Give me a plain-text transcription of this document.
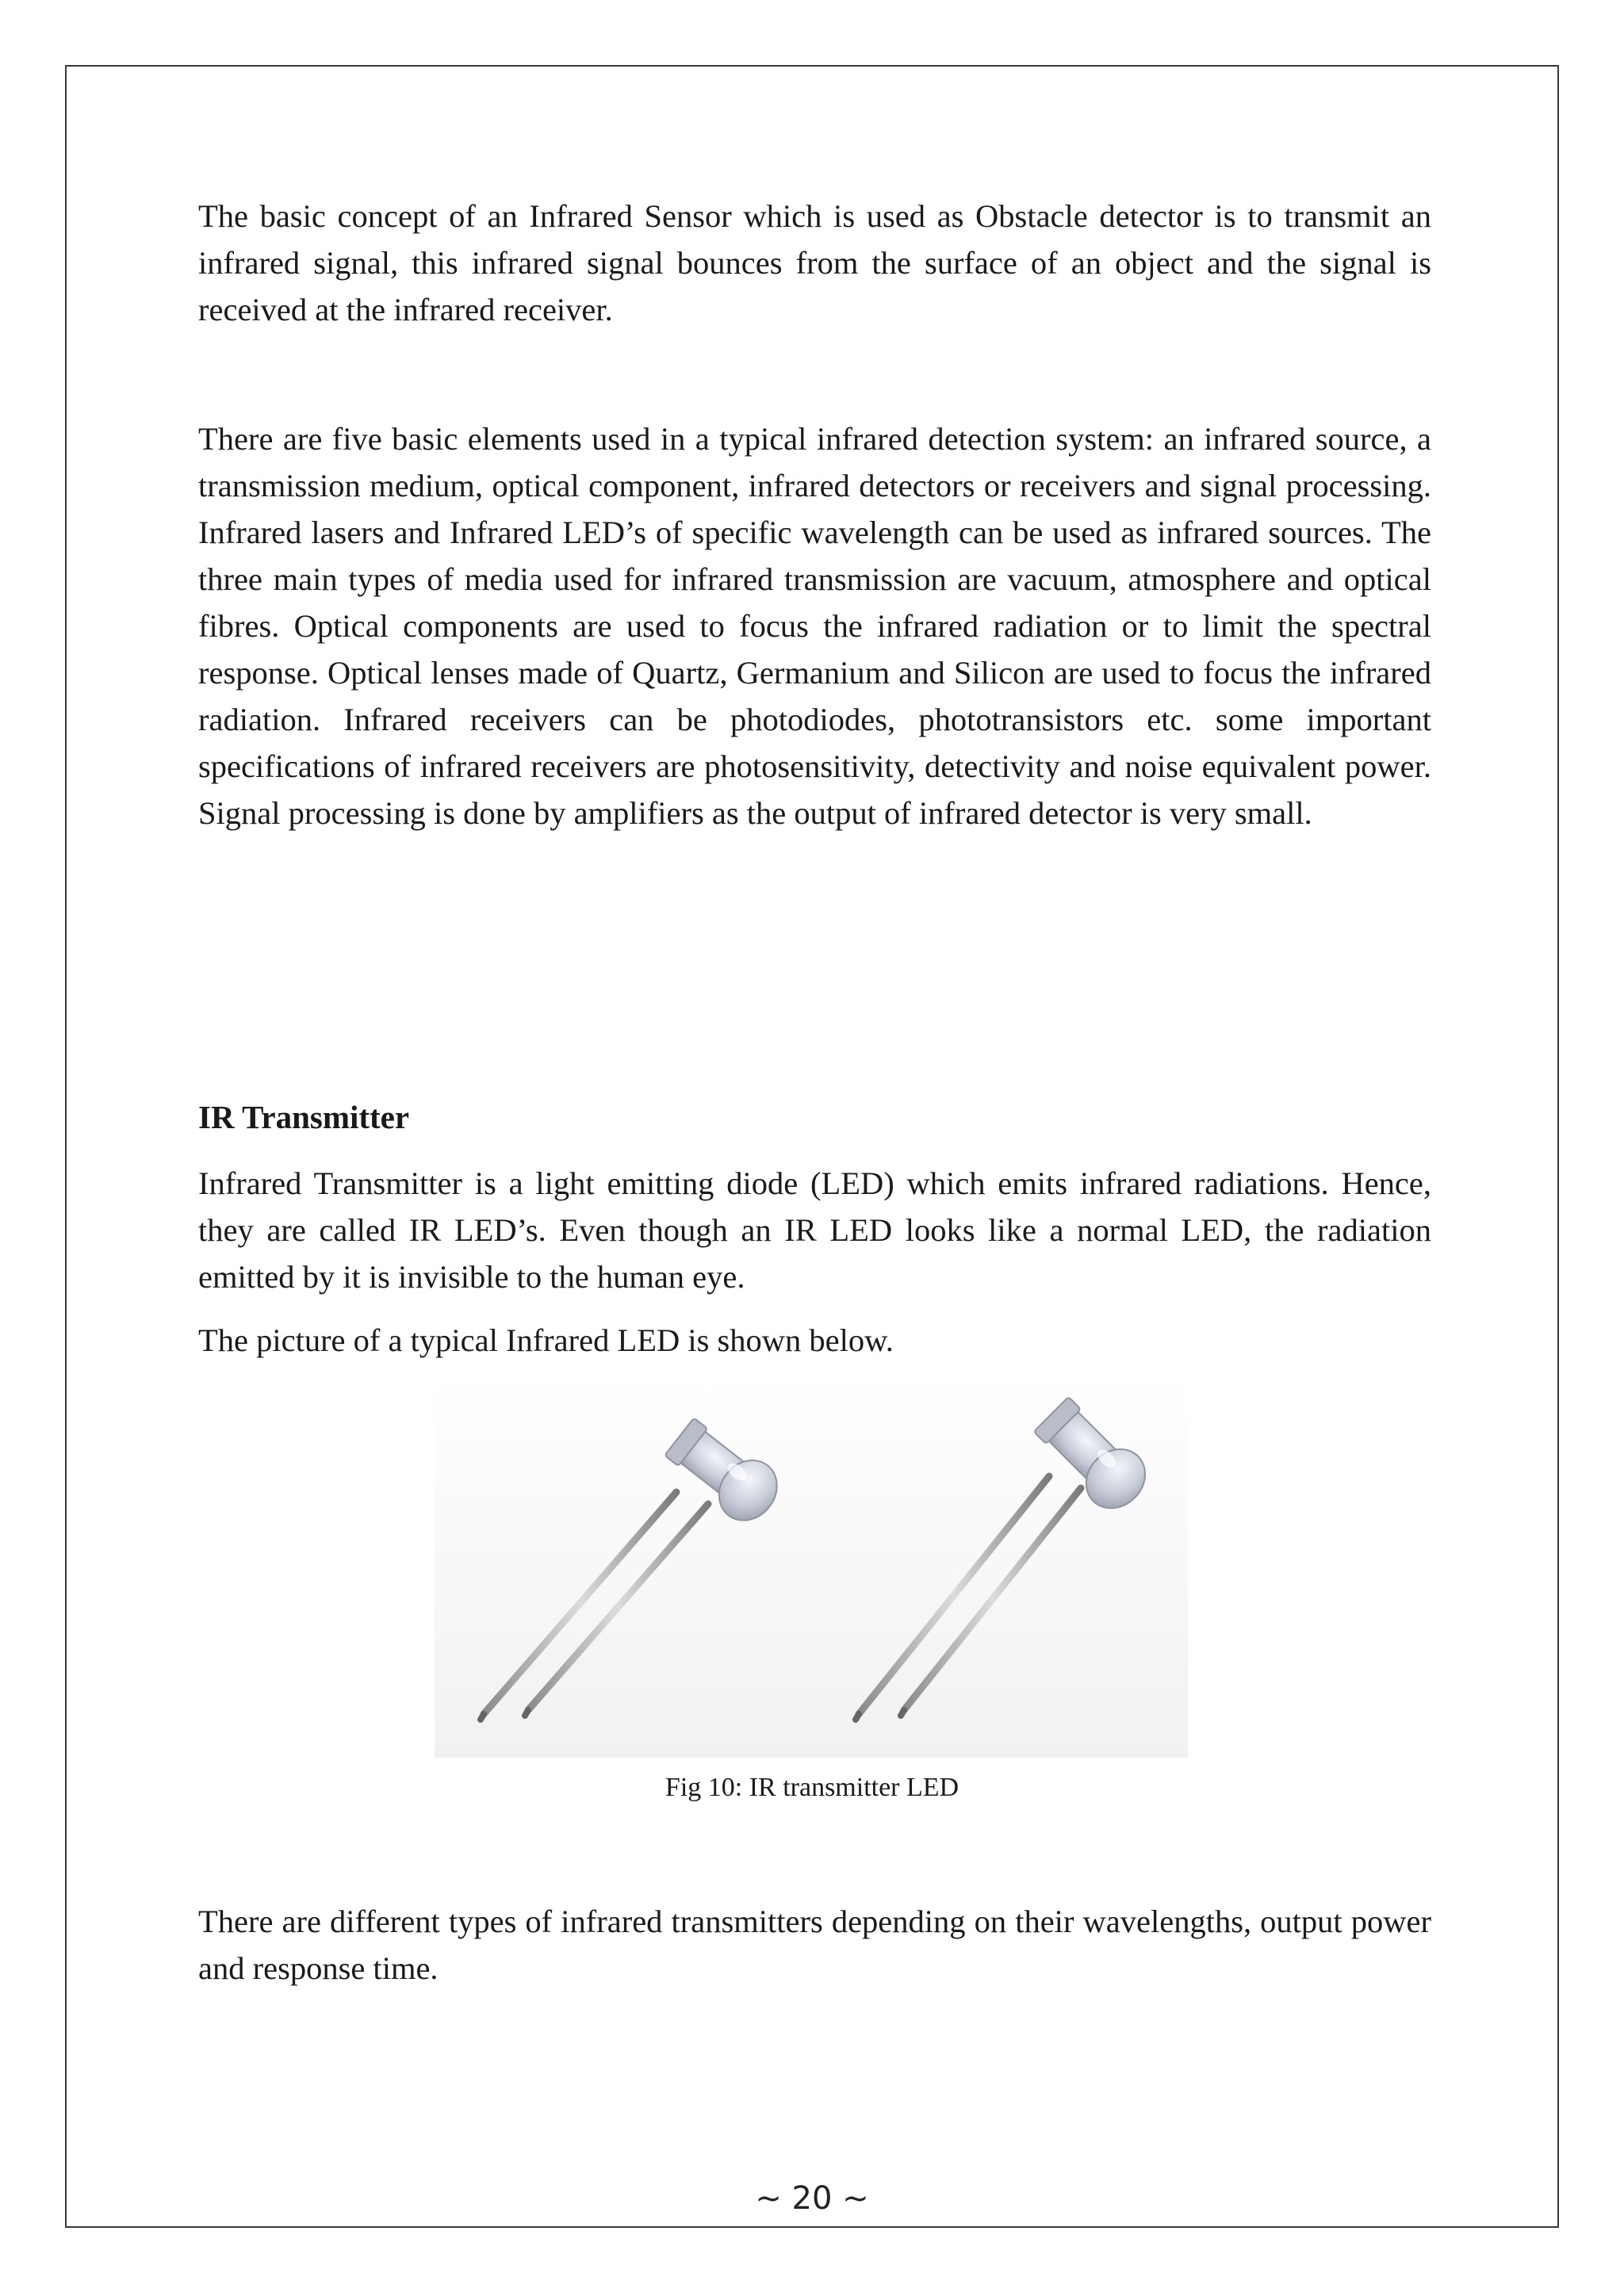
The basic concept of an Infrared Sensor which is used as Obstacle detector is to transmit an infrared signal, this infrared signal bounces from the surface of an object and the signal is received at the infrared receiver.

There are five basic elements used in a typical infrared detection system: an infrared source, a transmission medium, optical component, infrared detectors or receivers and signal processing. Infrared lasers and Infrared LED’s of specific wavelength can be used as infrared sources. The three main types of media used for infrared transmission are vacuum, atmosphere and optical fibres. Optical components are used to focus the infrared radiation or to limit the spectral response. Optical lenses made of Quartz, Germanium and Silicon are used to focus the infrared radiation. Infrared receivers can be photodiodes, phototransistors etc. some important specifications of infrared receivers are photosensitivity, detectivity and noise equivalent power. Signal processing is done by amplifiers as the output of infrared detector is very small.

IR Transmitter

Infrared Transmitter is a light emitting diode (LED) which emits infrared radiations. Hence, they are called IR LED’s. Even though an IR LED looks like a normal LED, the radiation emitted by it is invisible to the human eye.

The picture of a typical Infrared LED is shown below.

Fig 10: IR transmitter LED

There are different types of infrared transmitters depending on their wavelengths, output power and response time.

~ 20 ~
